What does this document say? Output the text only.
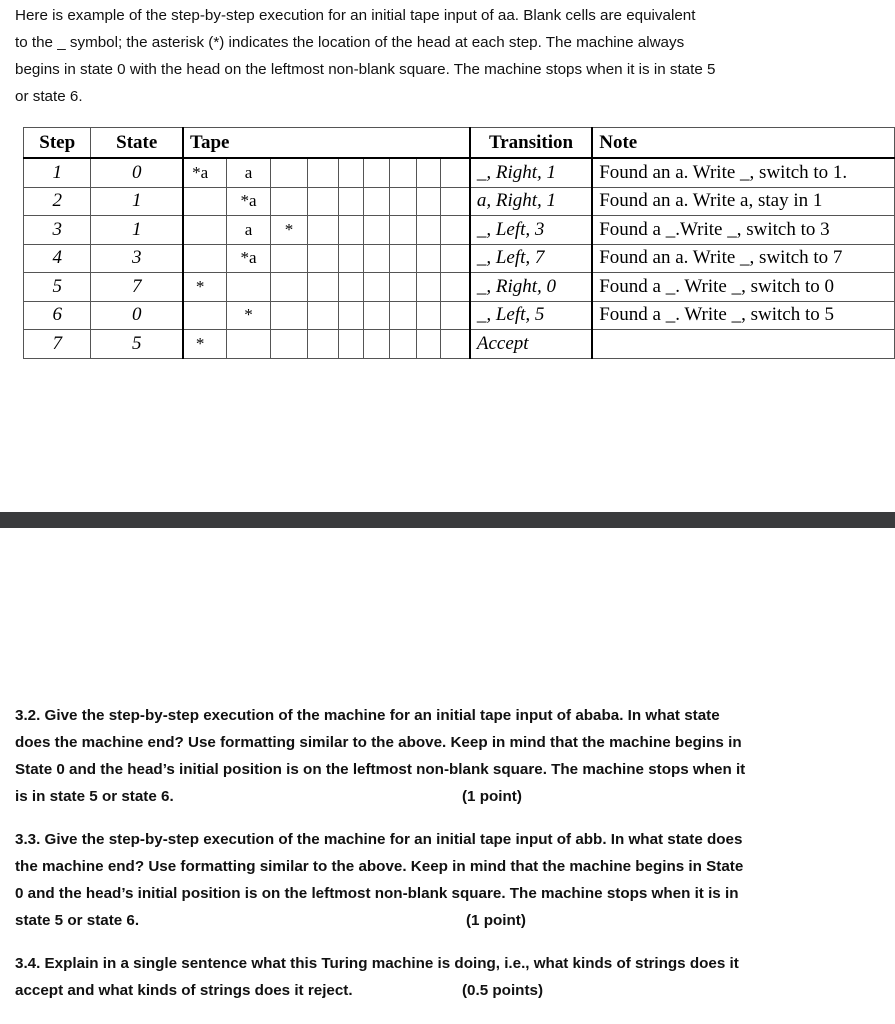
Here is example of the step-by-step execution for an initial tape input of aa. Blank cells are equivalent

to the _ symbol; the asterisk (*) indicates the location of the head at each step. The machine always

begins in state 0 with the head on the leftmost non-blank square. The machine stops when it is in state 5

or state 6.

Step	State	Tape									Transition	Note
1	0	*a	a								_, Right, 1	Found an a. Write _, switch to 1.
2	1		*a								a, Right, 1	Found an a. Write a, stay in 1
3	1		a	*							_, Left, 3	Found a _.Write _, switch to 3
4	3		*a								_, Left, 7	Found an a. Write _, switch to 7
5	7	*									_, Right, 0	Found a _. Write _, switch to 0
6	0		*								_, Left, 5	Found a _. Write _, switch to 5
7	5	*									Accept	
3.2. Give the step-by-step execution of the machine for an initial tape input of ababa. In what state
does the machine end? Use formatting similar to the above. Keep in mind that the machine begins in
State 0 and the head’s initial position is on the leftmost non-blank square. The machine stops when it
is in state 5 or state 6.	(1 point)
3.3. Give the step-by-step execution of the machine for an initial tape input of abb. In what state does
the machine end? Use formatting similar to the above. Keep in mind that the machine begins in State
0 and the head’s initial position is on the leftmost non-blank square. The machine stops when it is in
state 5 or state 6.	(1 point)
3.4. Explain in a single sentence what this Turing machine is doing, i.e., what kinds of strings does it
accept and what kinds of strings does it reject.	(0.5 points)
